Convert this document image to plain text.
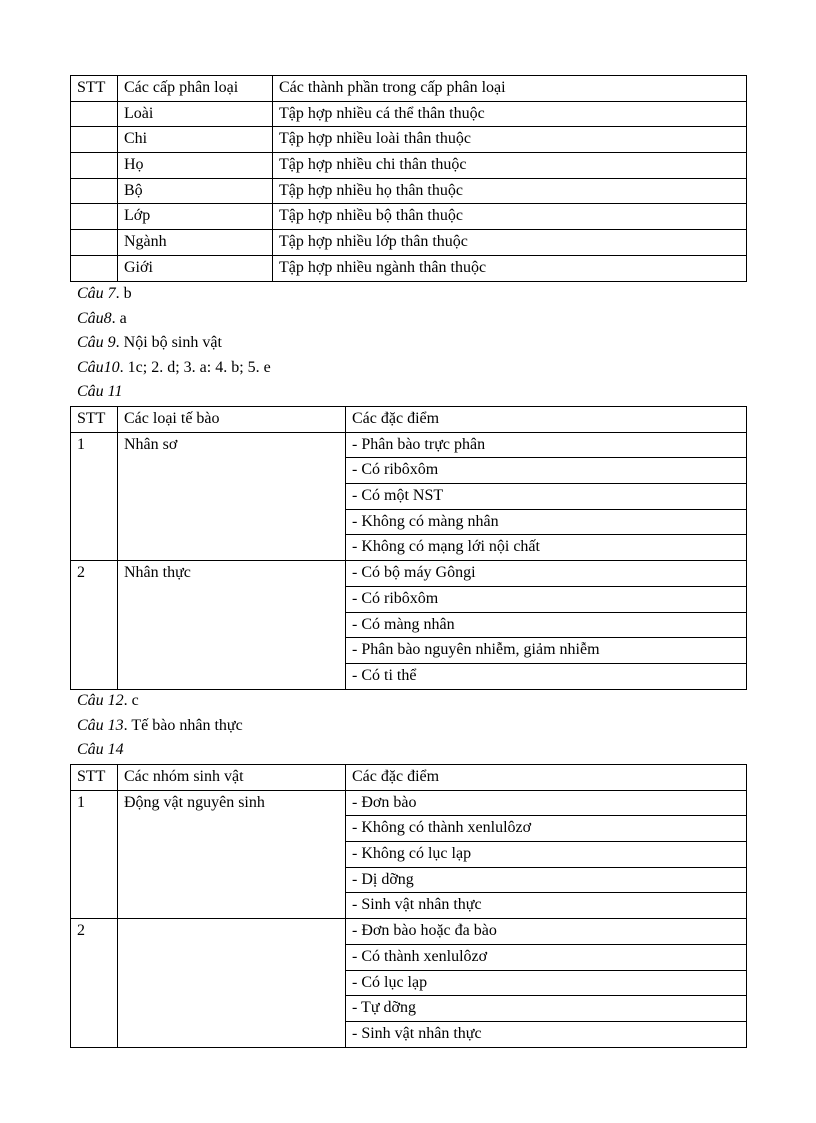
STT	Các cấp phân loại	Các thành phần trong cấp phân loại
	Loài	Tập hợp nhiều cá thể thân thuộc
	Chi	Tập hợp nhiều loài thân thuộc
	Họ	Tập hợp nhiều chi thân thuộc
	Bộ	Tập hợp nhiều họ thân thuộc
	Lớp	Tập hợp nhiều bộ thân thuộc
	Ngành	Tập hợp nhiều lớp thân thuộc
	Giới	Tập hợp nhiều ngành thân thuộc
Câu 7. b
Câu8. a
Câu 9. Nội bộ sinh vật
Câu10. 1c; 2. d; 3. a: 4. b; 5. e
Câu 11
STT	Các loại tế bào	Các đặc điểm
1	Nhân sơ	- Phân bào trực phân
		- Có ribôxôm
		- Có một NST
		- Không có màng nhân
		- Không có mạng lới nội chất
2	Nhân thực	- Có bộ máy Gôngi
		- Có ribôxôm
		- Có màng nhân
		- Phân bào nguyên nhiễm, giảm nhiễm
		- Có ti thể
Câu 12. c
Câu 13. Tế bào nhân thực
Câu 14
STT	Các nhóm sinh vật	Các đặc điểm
1	Động vật nguyên sinh	- Đơn bào
		- Không có thành xenlulôzơ
		- Không có lục lạp
		- Dị dỡng
		- Sinh vật nhân thực
2		- Đơn bào hoặc đa bào
		- Có thành xenlulôzơ
		- Có lục lạp
		- Tự dỡng
		- Sinh vật nhân thực
